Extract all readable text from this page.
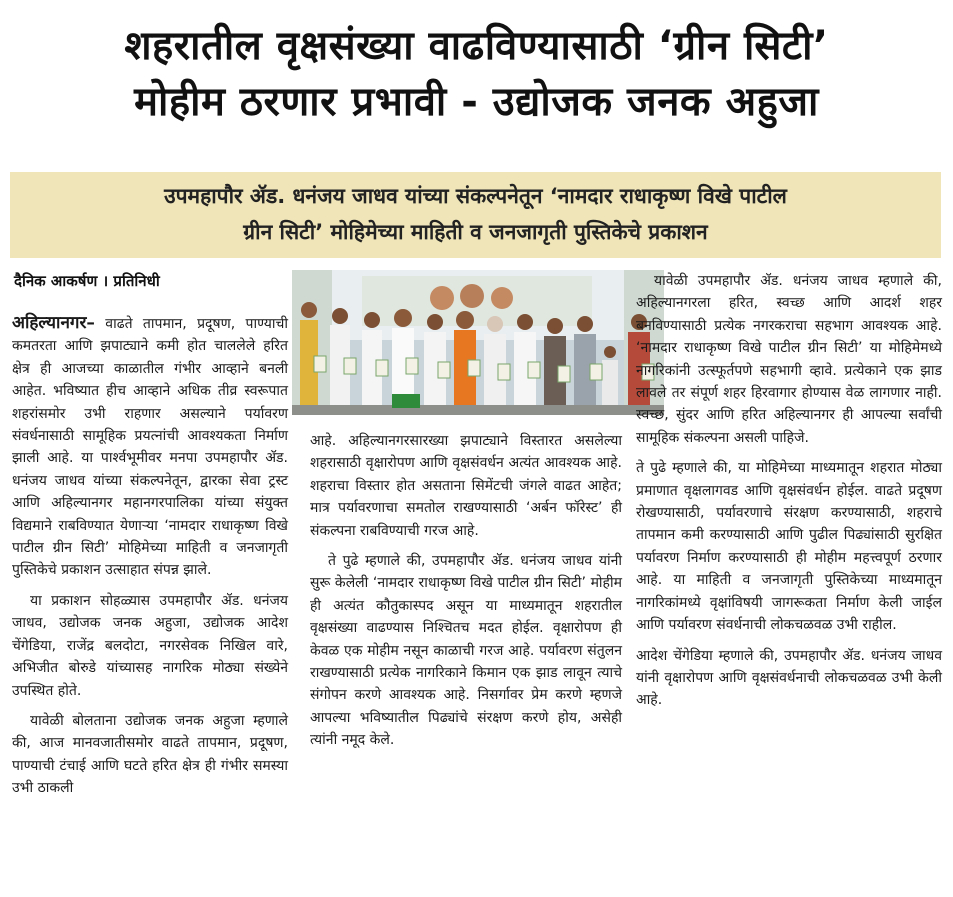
शहरातील वृक्षसंख्या वाढविण्यासाठी ‘ग्रीन सिटी’
मोहीम ठरणार प्रभावी - उद्योजक जनक अहुजा
उपमहापौर ॲड. धनंजय जाधव यांच्या संकल्पनेतून ‘नामदार राधाकृष्ण विखे पाटील
ग्रीन सिटी’ मोहिमेच्या माहिती व जनजागृती पुस्तिकेचे प्रकाशन
दैनिक आकर्षण । प्रतिनिधी

अहिल्यानगर– वाढते तापमान, प्रदूषण, पाण्याची कमतरता आणि झपाट्याने कमी होत चाललेले हरित क्षेत्र ही आजच्या काळातील गंभीर आव्हाने बनली आहेत. भविष्यात हीच आव्हाने अधिक तीव्र स्वरूपात शहरांसमोर उभी राहणार असल्याने पर्यावरण संवर्धनासाठी सामूहिक प्रयत्नांची आवश्यकता निर्माण झाली आहे. या पार्श्वभूमीवर मनपा उपमहापौर ॲड. धनंजय जाधव यांच्या संकल्पनेतून, द्वारका सेवा ट्रस्ट आणि अहिल्यानगर महानगरपालिका यांच्या संयुक्त विद्यमाने राबविण्यात येणाऱ्या ‘नामदार राधाकृष्ण विखे पाटील ग्रीन सिटी’ मोहिमेच्या माहिती व जनजागृती पुस्तिकेचे प्रकाशन उत्साहात संपन्न झाले.

या प्रकाशन सोहळ्यास उपमहापौर ॲड. धनंजय जाधव, उद्योजक जनक अहुजा, उद्योजक आदेश चेंगेडिया, राजेंद्र बलदोटा, नगरसेवक निखिल वारे, अभिजीत बोरुडे यांच्यासह नागरिक मोठ्या संख्येने उपस्थित होते.

यावेळी बोलताना उद्योजक जनक अहुजा म्हणाले की, आज मानवजातीसमोर वाढते तापमान, प्रदूषण, पाण्याची टंचाई आणि घटते हरित क्षेत्र ही गंभीर समस्या उभी ठाकली

आहे. अहिल्यानगरसारख्या झपाट्याने विस्तारत असलेल्या शहरासाठी वृक्षारोपण आणि वृक्षसंवर्धन अत्यंत आवश्यक आहे. शहराचा विस्तार होत असताना सिमेंटची जंगले वाढत आहेत; मात्र पर्यावरणाचा समतोल राखण्यासाठी ‘अर्बन फॉरेस्ट’ ही संकल्पना राबविण्याची गरज आहे.

ते पुढे म्हणाले की, उपमहापौर ॲड. धनंजय जाधव यांनी सुरू केलेली ‘नामदार राधाकृष्ण विखे पाटील ग्रीन सिटी’ मोहीम ही अत्यंत कौतुकास्पद असून या माध्यमातून शहरातील वृक्षसंख्या वाढण्यास निश्चितच मदत होईल. वृक्षारोपण ही केवळ एक मोहीम नसून काळाची गरज आहे. पर्यावरण संतुलन राखण्यासाठी प्रत्येक नागरिकाने किमान एक झाड लावून त्याचे संगोपन करणे आवश्यक आहे. निसर्गावर प्रेम करणे म्हणजे आपल्या भविष्यातील पिढ्यांचे संरक्षण करणे होय, असेही त्यांनी नमूद केले.

यावेळी उपमहापौर ॲड. धनंजय जाधव म्हणाले की, अहिल्यानगरला हरित, स्वच्छ आणि आदर्श शहर बनविण्यासाठी प्रत्येक नगरकराचा सहभाग आवश्यक आहे. ‘नामदार राधाकृष्ण विखे पाटील ग्रीन सिटी’ या मोहिमेमध्ये नागरिकांनी उत्स्फूर्तपणे सहभागी व्हावे. प्रत्येकाने एक झाड लावले तर संपूर्ण शहर हिरवागार होण्यास वेळ लागणार नाही. स्वच्छ, सुंदर आणि हरित अहिल्यानगर ही आपल्या सर्वांची सामूहिक संकल्पना असली पाहिजे.

ते पुढे म्हणाले की, या मोहिमेच्या माध्यमातून शहरात मोठ्या प्रमाणात वृक्षलागवड आणि वृक्षसंवर्धन होईल. वाढते प्रदूषण रोखण्यासाठी, पर्यावरणाचे संरक्षण करण्यासाठी, शहराचे तापमान कमी करण्यासाठी आणि पुढील पिढ्यांसाठी सुरक्षित पर्यावरण निर्माण करण्यासाठी ही मोहीम महत्त्वपूर्ण ठरणार आहे. या माहिती व जनजागृती पुस्तिकेच्या माध्यमातून नागरिकांमध्ये वृक्षांविषयी जागरूकता निर्माण केली जाईल आणि पर्यावरण संवर्धनाची लोकचळवळ उभी राहील.

आदेश चेंगेडिया म्हणाले की, उपमहापौर ॲड. धनंजय जाधव यांनी वृक्षारोपण आणि वृक्षसंवर्धनाची लोकचळवळ उभी केली आहे.
